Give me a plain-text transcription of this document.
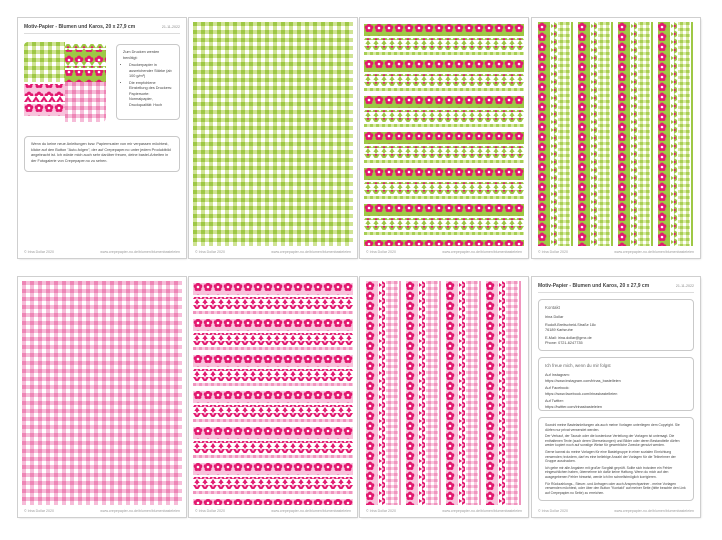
Motiv-Papier - Blumen und Karos, 20 x 27,9 cm	21-11-2022

Zum Drucken werden benötigt:

• Druckerpapier in ausreichender Stärke (ab 100 g/m²)
• Die empfohlene Einstellung des Druckers: Papiersorte: Normalpapier, Druckqualität: Hoch

Wenn du keine neue Anleitungen bzw. Papiermuster von mir verpassen möchtest, klicke auf den Button "Auto-folgen", der auf Crepepaper.no unter jedem Produktbild angebracht ist. Ich würde mich auch sehr darüber freuen, deine bastel-Arbeiten in der Fotogalerie von Crepepaper.no zu sehen.

© Irina Dollar 2020	www.crepepapier-no.de/blumen/blumenbasteleien	© Irina Dollar 2020	www.crepepapier-no.de/blumen/blumenbasteleien	© Irina Dollar 2020	www.crepepapier-no.de/blumen/blumenbasteleien	© Irina Dollar 2020	www.crepepapier-no.de/blumen/blumenbasteleien
© Irina Dollar 2020	www.crepepapier-no.de/blumen/blumenbasteleien	© Irina Dollar 2020	www.crepepapier-no.de/blumen/blumenbasteleien	© Irina Dollar 2020	www.crepepapier-no.de/blumen/blumenbasteleien
Motiv-Papier - Blumen und Karos, 20 x 27,9 cm	21-11-2022
Kontakt

Irina Dollar

Rudolf-Breitscheid-Straße 18c

76189 Karlsruhe

E-Mail: irina.dollar@gmx.de

Phone: 0721-6247735

Ich freue mich, wenn du mir folgst

Auf Instagram:

https://www.instagram.com/irinas_bastelleien

Auf Facebook:

https://www.facebook.com/irinasbastelleien

Auf Twitter:

https://twitter.com/irinasbasteleien

Sowohl meine Bastelanleitungen als auch meine Vorlagen unterliegen dem Copyright. Sie dürfen nur privat verwendet werden.

Der Verkauf, der Tausch oder die kostenlose Verteilung der Vorlagen ist untersagt. Die enthaltenen Texte (auch deren Übersetzungen) und Bilder oder deren Bestandteile dürfen weder kopiert noch auf sonstige Weise für gewerbliche Zwecke genutzt werden.

Gerne kannst du meine Vorlagen für eine Bastelgruppe in einer sozialen Einrichtung verwenden; trotzdem, darf es eine beliebige Anzahl der Vorlagen für die Teilnehmer der Gruppe ausdrucken.

Ich gebe mir alle Angaben mit großer Sorgfalt geprüft. Sollte sich trotzdem ein Fehler eingeschlichen haben, übernehme ich dafür keine Haftung. Wenn du mich auf den ausgegebenen Fehler hinweist, werde ich ihn schnellstmöglich korrigieren.

Für Rückzahlungs-, Steuer- und Anfragen oder auch Ansprechpartner - meine Vorlagen verwenden möchtest, oder über den Button "Kontakt" auf meiner Seite (bitte beachte den Link auf Crepepapier.no Seite) zu erreichen.

© Irina Dollar 2020	www.crepepapier-no.de/blumen/blumenbasteleien
